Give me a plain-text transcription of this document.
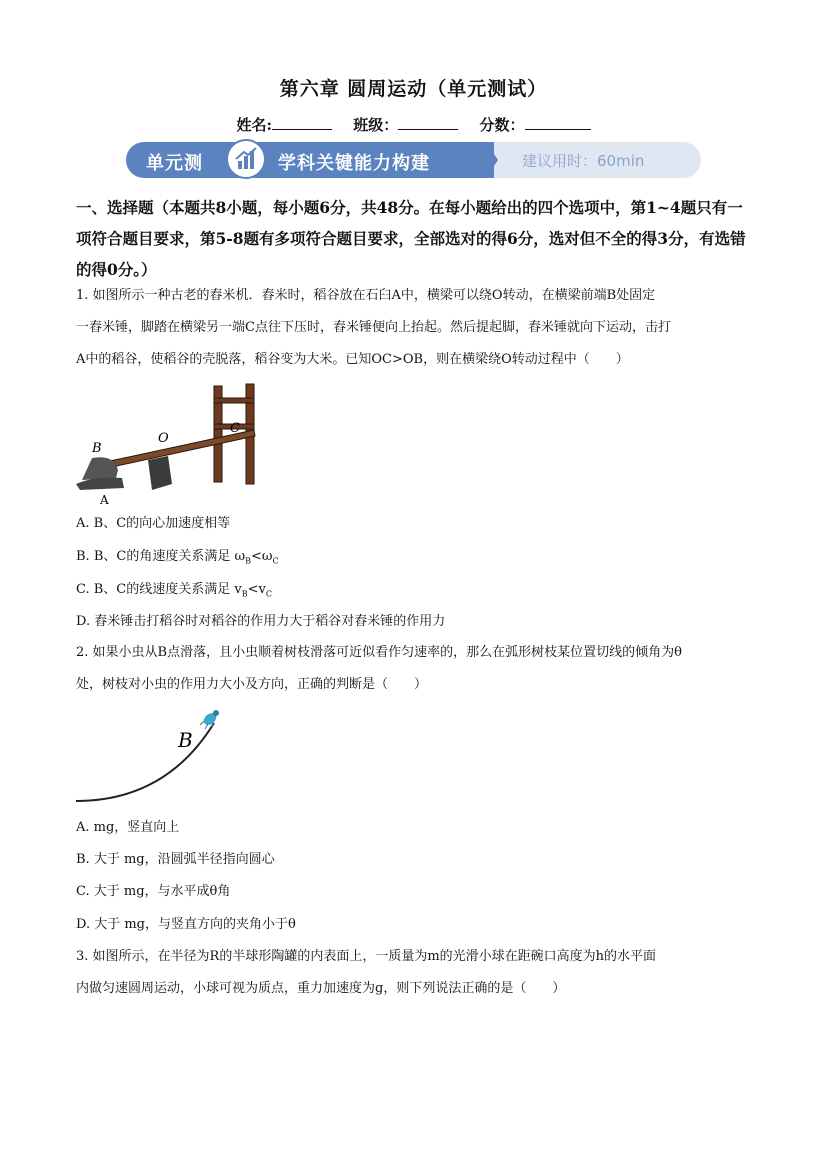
第六章 圆周运动（单元测试）
姓名:	班级：	分数：
建议用时：60min
单元测	学科关键能力构建
一、选择题（本题共8小题，每小题6分，共48分。在每小题给出的四个选项中，第1~4题只有一项符合题目要求，第5-8题有多项符合题目要求，全部选对的得6分，选对但不全的得3分，有选错的得0分。）
1. 如图所示一种古老的舂米机．舂米时，稻谷放在石臼A中，横梁可以绕O转动，在横梁前端B处固定
一舂米锤，脚踏在横梁另一端C点往下压时，舂米锤便向上抬起。然后提起脚，舂米锤就向下运动，击打
A中的稻谷，使稻谷的壳脱落，稻谷变为大米。已知OC>OB，则在横梁绕O转动过程中（　　）
B
O
C
A
A. B、C的向心加速度相等
B. B、C的角速度关系满足 $\omega_B<\omega_C$
C. B、C的线速度关系满足 $v_B<v_C$
D. 舂米锤击打稻谷时对稻谷的作用力大于稻谷对舂米锤的作用力
2. 如果小虫从B点滑落，且小虫顺着树枝滑落可近似看作匀速率的，那么在弧形树枝某位置切线的倾角为θ
处，树枝对小虫的作用力大小及方向，正确的判断是（　　）
B
A. mg，竖直向上
B. 大于 mg，沿圆弧半径指向圆心
C. 大于 mg，与水平成θ角
D. 大于 mg，与竖直方向的夹角小于θ
3. 如图所示，在半径为R的半球形陶罐的内表面上，一质量为m的光滑小球在距碗口高度为h的水平面
内做匀速圆周运动，小球可视为质点，重力加速度为g，则下列说法正确的是（　　）
